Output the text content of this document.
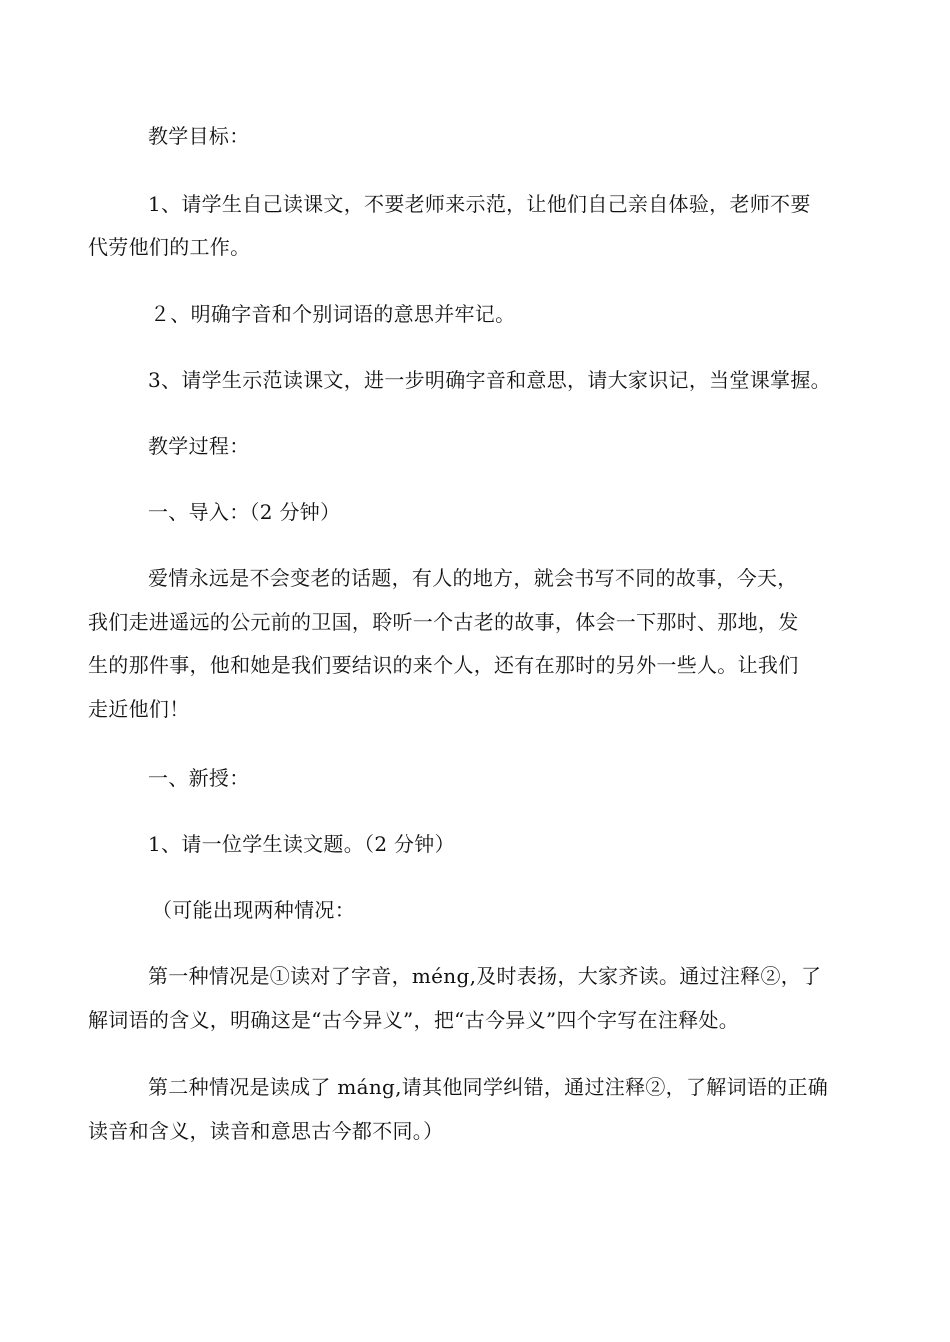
教学目标：
1、请学生自己读课文，不要老师来示范，让他们自己亲自体验，老师不要
代劳他们的工作。
２、明确字音和个别词语的意思并牢记。
3、请学生示范读课文，进一步明确字音和意思，请大家识记，当堂课掌握。
教学过程：
一、导入：（2 分钟）
爱情永远是不会变老的话题，有人的地方，就会书写不同的故事，今天，
我们走进遥远的公元前的卫国，聆听一个古老的故事，体会一下那时、那地，发
生的那件事，他和她是我们要结识的来个人，还有在那时的另外一些人。让我们
走近他们！
一、新授：
1、请一位学生读文题。（2 分钟）
（可能出现两种情况：
第一种情况是①读对了字音，méng,及时表扬，大家齐读。通过注释②，了
解词语的含义，明确这是“古今异义”，把“古今异义”四个字写在注释处。
第二种情况是读成了 máng,请其他同学纠错，通过注释②，了解词语的正确
读音和含义，读音和意思古今都不同。）
